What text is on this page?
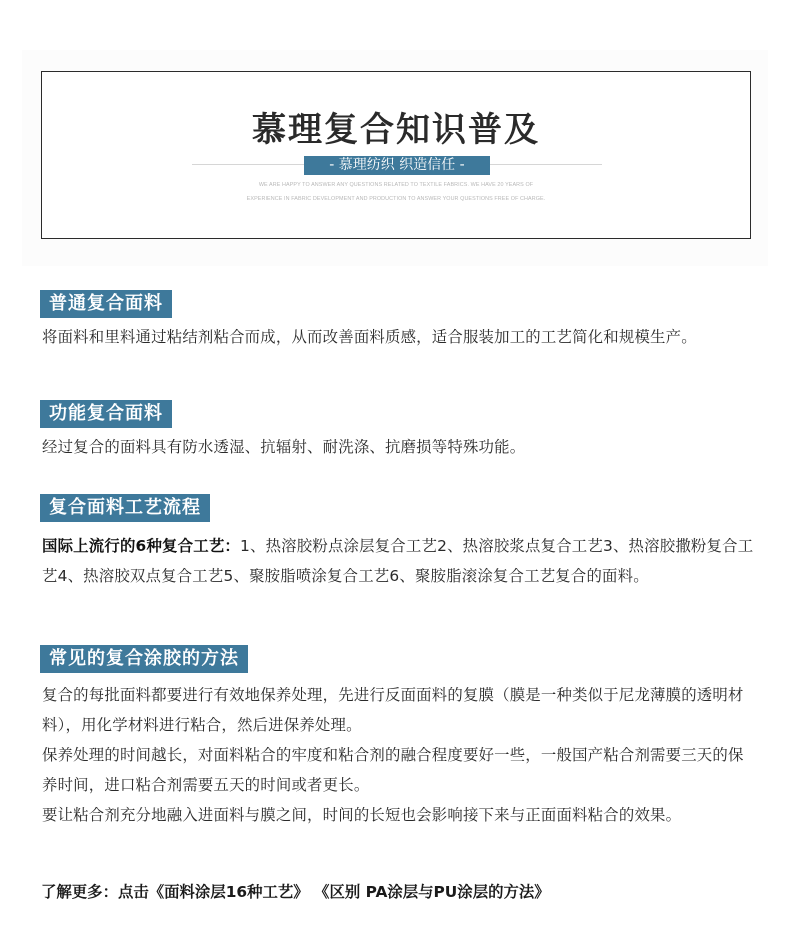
慕理复合知识普及
- 慕理纺织 织造信任 -
WE ARE HAPPY TO ANSWER ANY QUESTIONS RELATED TO TEXTILE FABRICS. WE HAVE 20 YEARS OF
EXPERIENCE IN FABRIC DEVELOPMENT AND PRODUCTION TO ANSWER YOUR QUESTIONS FREE OF CHARGE.
普通复合面料
将面料和里料通过粘结剂粘合而成，从而改善面料质感，适合服装加工的工艺简化和规模生产。
功能复合面料
经过复合的面料具有防水透湿、抗辐射、耐洗涤、抗磨损等特殊功能。
复合面料工艺流程
国际上流行的6种复合工艺：1、热溶胶粉点涂层复合工艺2、热溶胶浆点复合工艺3、热溶胶撒粉复合工艺4、热溶胶双点复合工艺5、聚胺脂喷涂复合工艺6、聚胺脂滚涂复合工艺复合的面料。
常见的复合涂胶的方法
复合的每批面料都要进行有效地保养处理，先进行反面面料的复膜（膜是一种类似于尼龙薄膜的透明材料），用化学材料进行粘合，然后进保养处理。
保养处理的时间越长，对面料粘合的牢度和粘合剂的融合程度要好一些，一般国产粘合剂需要三天的保养时间，进口粘合剂需要五天的时间或者更长。
要让粘合剂充分地融入进面料与膜之间，时间的长短也会影响接下来与正面面料粘合的效果。
了解更多：点击《面料涂层16种工艺》 《区别 PA涂层与PU涂层的方法》
